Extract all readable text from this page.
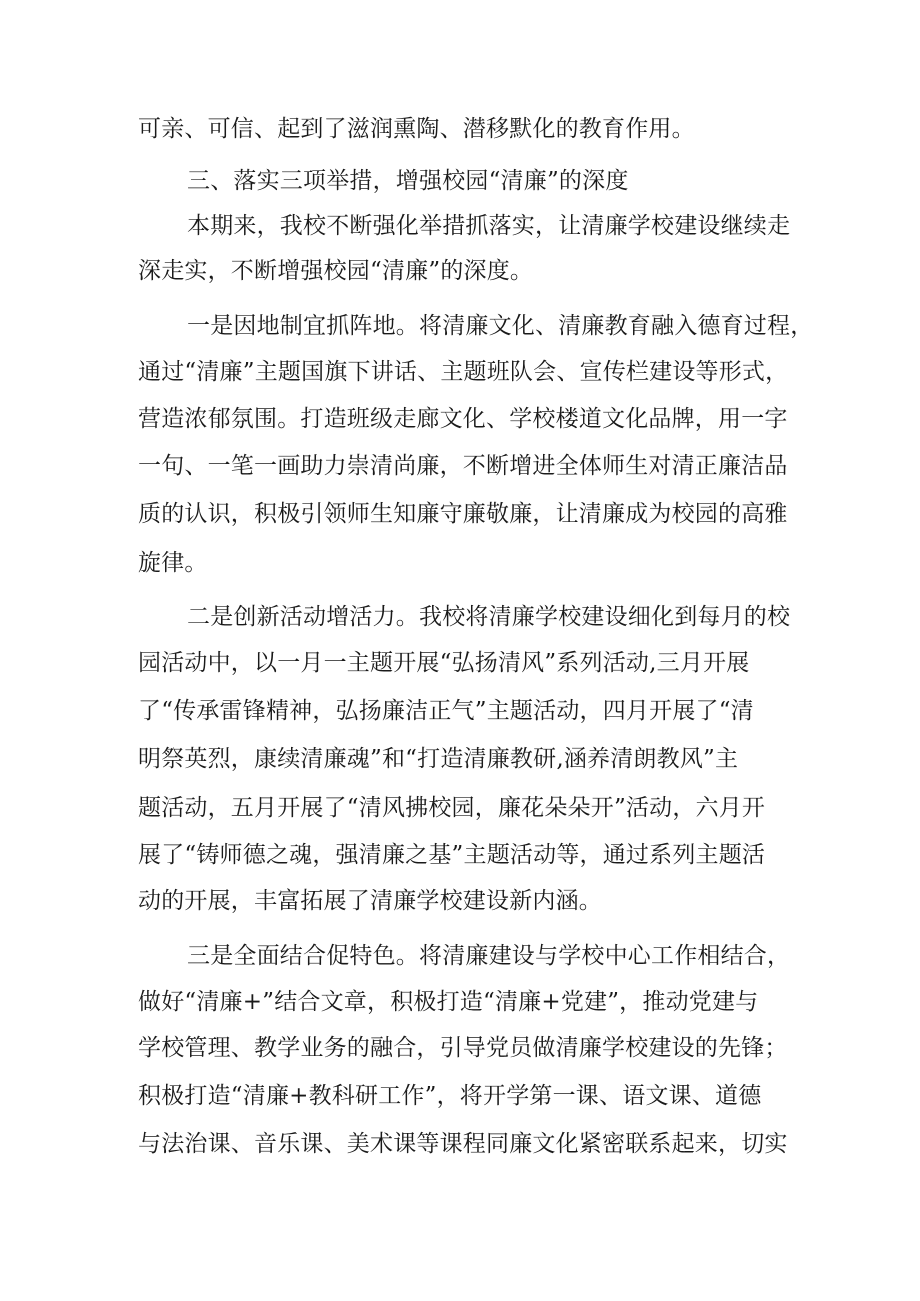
可亲、可信、起到了滋润熏陶、潜移默化的教育作用。
三、落实三项举措，增强校园“清廉”的深度
本期来，我校不断强化举措抓落实，让清廉学校建设继续走
深走实，不断增强校园“清廉”的深度。
一是因地制宜抓阵地。将清廉文化、清廉教育融入德育过程，
通过“清廉”主题国旗下讲话、主题班队会、宣传栏建设等形式，
营造浓郁氛围。打造班级走廊文化、学校楼道文化品牌，用一字
一句、一笔一画助力崇清尚廉，不断增进全体师生对清正廉洁品
质的认识，积极引领师生知廉守廉敬廉，让清廉成为校园的高雅
旋律。
二是创新活动增活力。我校将清廉学校建设细化到每月的校
园活动中，以一月一主题开展“弘扬清风”系列活动,三月开展
了“传承雷锋精神，弘扬廉洁正气”主题活动，四月开展了“清
明祭英烈，康续清廉魂”和“打造清廉教研,涵养清朗教风”主
题活动，五月开展了“清风拂校园，廉花朵朵开”活动，六月开
展了“铸师德之魂，强清廉之基”主题活动等，通过系列主题活
动的开展，丰富拓展了清廉学校建设新内涵。
三是全面结合促特色。将清廉建设与学校中心工作相结合，
做好“清廉+”结合文章，积极打造“清廉+党建”，推动党建与
学校管理、教学业务的融合，引导党员做清廉学校建设的先锋；
积极打造“清廉+教科研工作”，将开学第一课、语文课、道德
与法治课、音乐课、美术课等课程同廉文化紧密联系起来，切实
